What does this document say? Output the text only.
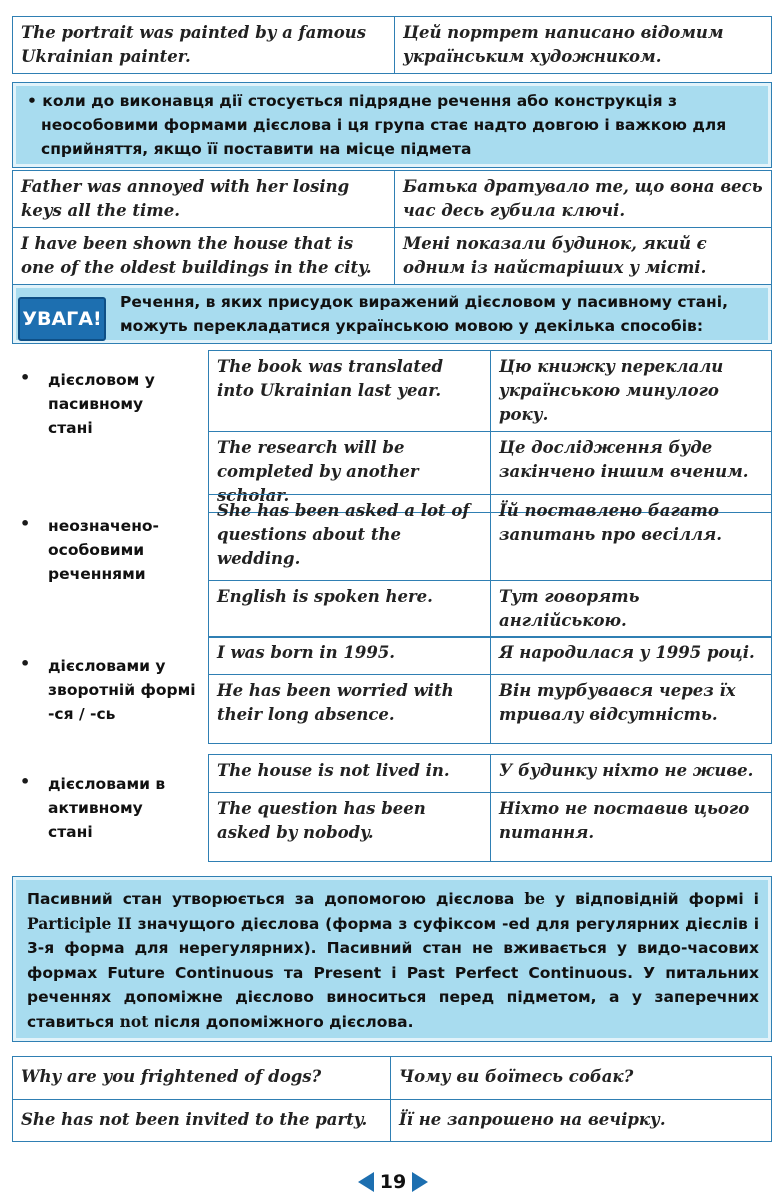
The portrait was painted by a famous Ukrainian painter.	Цей портрет написано відомим українським художником.
• коли до виконавця дії стосується підрядне речення або конструкція з неособовими формами дієслова і ця група стає надто довгою і важкою для сприйняття, якщо її поставити на місце підмета
Father was annoyed with her losing keys all the time.	Батька дратувало те, що вона весь час десь губила ключі.
I have been shown the house that is one of the oldest buildings in the city.	Мені показали будинок, який є одним із найстаріших у місті.
УВАГА!
Речення, в яких присудок виражений дієсловом у пасивному стані, можуть перекладатися українською мовою у декілька способів:
• дієсловом у пасивному стані
The book was translated into Ukrainian last year.	Цю книжку переклали українською минулого року.
The research will be completed by another scholar.	Це дослідження буде закінчено іншим вченим.
• неозначено-особовими реченнями
She has been asked a lot of questions about the wedding.	Їй поставлено багато запитань про весілля.
English is spoken here.	Тут говорять англійською.
• дієсловами у зворотній формі -ся / -сь
I was born in 1995.	Я народилася у 1995 році.
He has been worried with their long absence.	Він турбувався через їх тривалу відсутність.
• дієсловами в активному стані
The house is not lived in.	У будинку ніхто не живе.
The question has been asked by nobody.	Ніхто не поставив цього питання.
Пасивний стан утворюється за допомогою дієслова be у відповідній формі і Participle II значущого дієслова (форма з суфіксом -ed для регулярних дієслів і 3-я форма для нерегулярних). Пасивний стан не вживається у видо-часових формах Future Continuous та Present і Past Perfect Continuous. У питальних реченнях допоміжне дієслово виноситься перед підметом, а у заперечних ставиться not після допоміжного дієслова.
Why are you frightened of dogs?	Чому ви боїтесь собак?
She has not been invited to the party.	Її не запрошено на вечірку.
19
